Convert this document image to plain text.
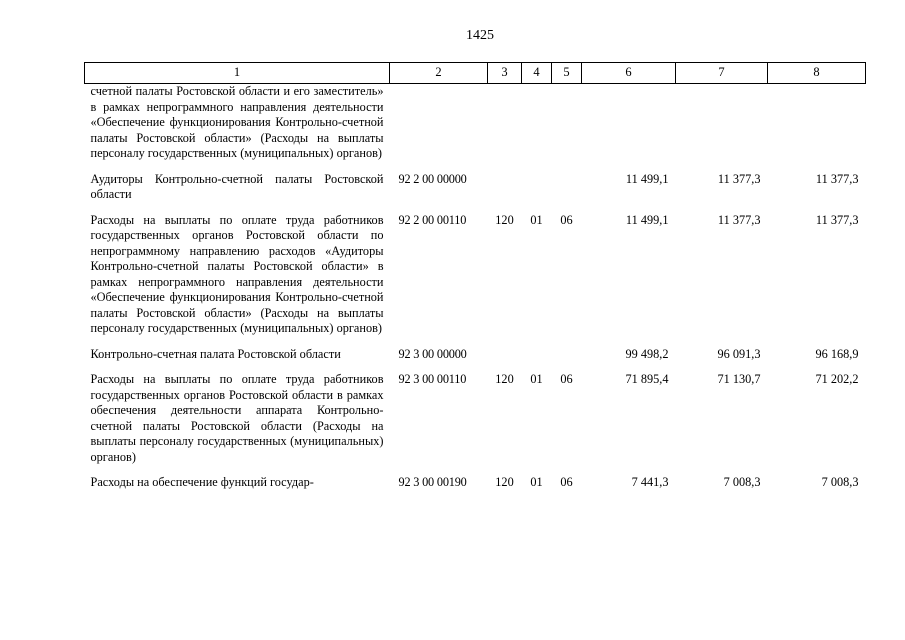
1425
1	2	3	4	5	6	7	8
счетной палаты Ростовской области и его заместитель» в рамках непрограммного направления деятельности «Обеспечение функционирования Контрольно-счетной палаты Ростовской области» (Расходы на выплаты персоналу государственных (муниципальных) органов)							
Аудиторы Контрольно-счетной палаты Ростовской области	92 2 00 00000				11 499,1	11 377,3	11 377,3
Расходы на выплаты по оплате труда работников государственных органов Ростовской области по непрограммному направлению расходов «Аудиторы Контрольно-счетной палаты Ростовской области» в рамках непрограммного направления деятельности «Обеспечение функционирования Контрольно-счетной палаты Ростовской области» (Расходы на выплаты персоналу государственных (муниципальных) органов)	92 2 00 00110	120	01	06	11 499,1	11 377,3	11 377,3
Контрольно-счетная палата Ростовской области	92 3 00 00000				99 498,2	96 091,3	96 168,9
Расходы на выплаты по оплате труда работников государственных органов Ростовской области в рамках обеспечения деятельности аппарата Контрольно-счетной палаты Ростовской области (Расходы на выплаты персоналу государственных (муниципальных) органов)	92 3 00 00110	120	01	06	71 895,4	71 130,7	71 202,2
Расходы на обеспечение функций государ-	92 3 00 00190	120	01	06	7 441,3	7 008,3	7 008,3
